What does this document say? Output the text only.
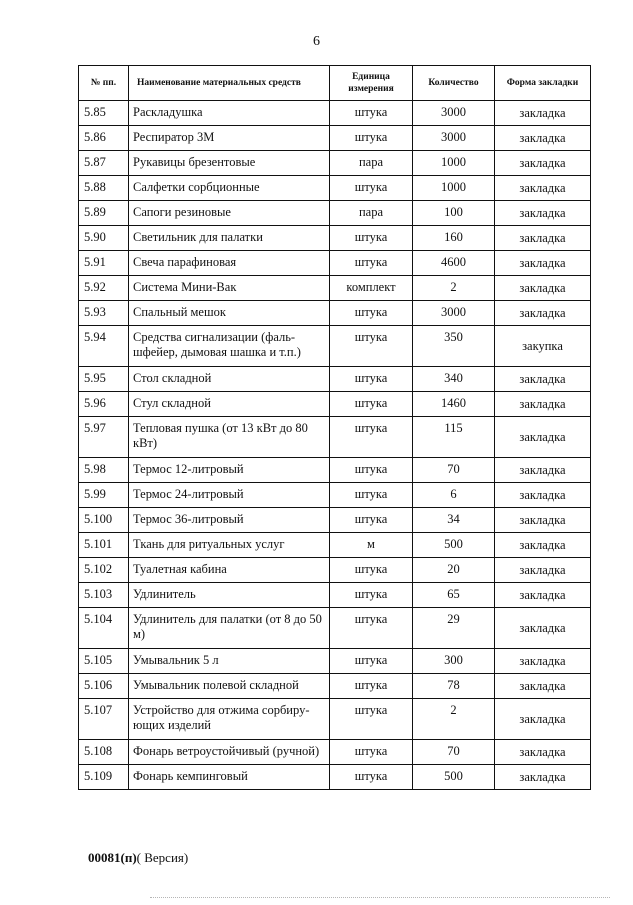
6
№ пп.	Наименование материальных средств	Единица измерения	Количество	Форма закладки
5.85	Раскладушка	штука	3000	закладка
5.86	Респиратор 3М	штука	3000	закладка
5.87	Рукавицы брезентовые	пара	1000	закладка
5.88	Салфетки сорбционные	штука	1000	закладка
5.89	Сапоги резиновые	пара	100	закладка
5.90	Светильник для палатки	штука	160	закладка
5.91	Свеча парафиновая	штука	4600	закладка
5.92	Система Мини-Вак	комплект	2	закладка
5.93	Спальный мешок	штука	3000	закладка
5.94	Средства сигнализации (фаль-шфейер, дымовая шашка и т.п.)	штука	350	закупка
5.95	Стол складной	штука	340	закладка
5.96	Стул складной	штука	1460	закладка
5.97	Тепловая пушка (от 13 кВт до 80 кВт)	штука	115	закладка
5.98	Термос 12-литровый	штука	70	закладка
5.99	Термос 24-литровый	штука	6	закладка
5.100	Термос 36-литровый	штука	34	закладка
5.101	Ткань для ритуальных услуг	м	500	закладка
5.102	Туалетная кабина	штука	20	закладка
5.103	Удлинитель	штука	65	закладка
5.104	Удлинитель для палатки (от 8 до 50 м)	штука	29	закладка
5.105	Умывальник 5 л	штука	300	закладка
5.106	Умывальник полевой складной	штука	78	закладка
5.107	Устройство для отжима сорбиру-ющих изделий	штука	2	закладка
5.108	Фонарь ветроустойчивый (ручной)	штука	70	закладка
5.109	Фонарь кемпинговый	штука	500	закладка
00081(п)( Версия)
